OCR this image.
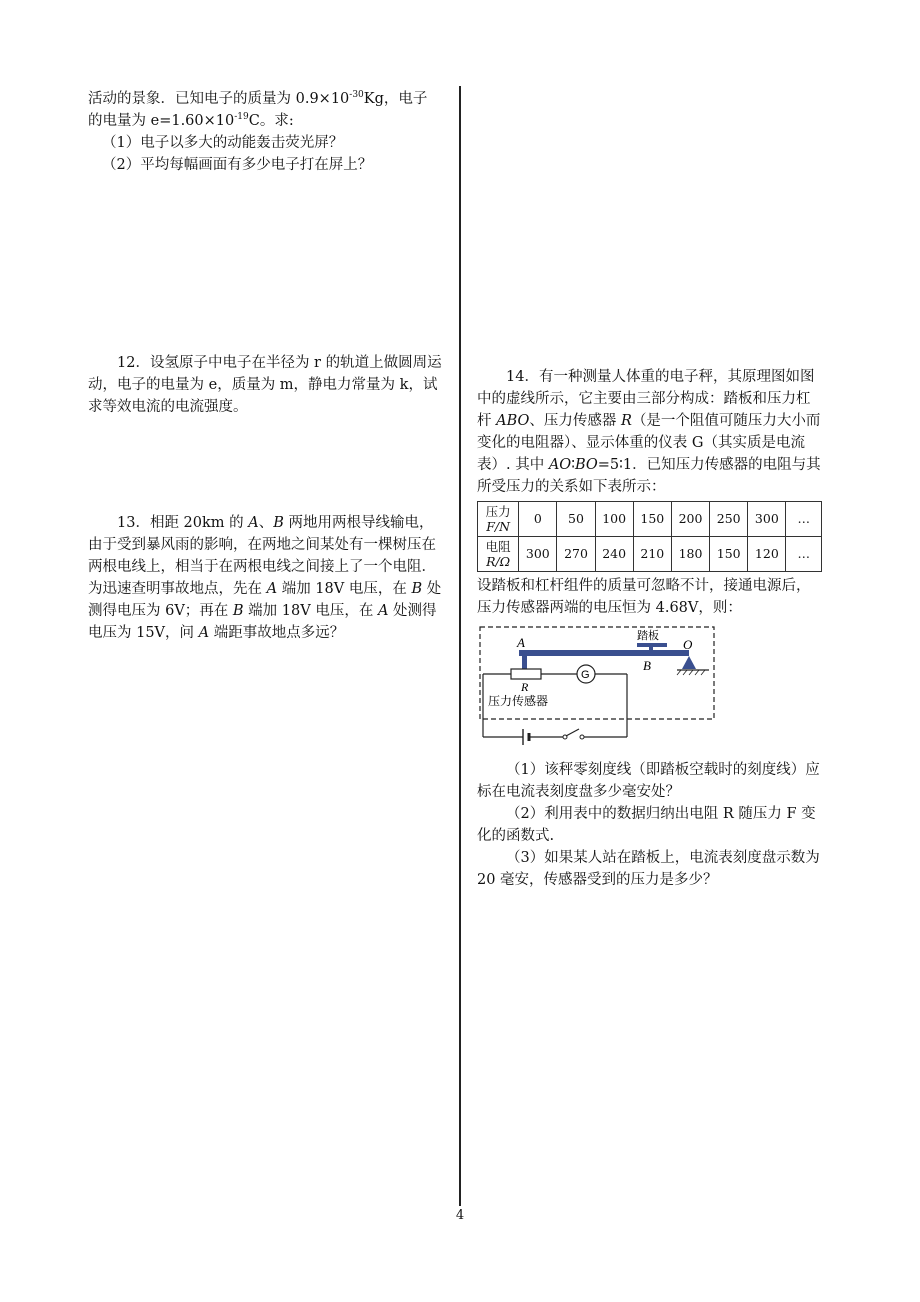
活动的景象．已知电子的质量为 $0.9\times 10^{-30}Kg$，电子
的电量为 $e=1.60\times 10^{-19}C$。求:

（1）电子以多大的动能轰击荧光屏？

（2）平均每幅画面有多少电子打在屏上？

12．设氢原子中电子在半径为 r 的轨道上做圆周运动，电子的电量为 e，质量为 m，静电力常量为 k，试求等效电流的电流强度。

13．相距 20km 的 A、B 两地用两根导线输电，由于受到暴风雨的影响，在两地之间某处有一棵树压在两根电线上，相当于在两根电线之间接上了一个电阻．为迅速查明事故地点，先在 A 端加 18V 电压，在 B 处测得电压为 6V；再在 B 端加 18V 电压，在 A 处测得电压为 15V，问 A 端距事故地点多远？

14．有一种测量人体重的电子秤，其原理图如图中的虚线所示，它主要由三部分构成：踏板和压力杠杆 ABO、压力传感器 R（是一个阻值可随压力大小而变化的电阻器）、显示体重的仪表 G（其实质是电流表）. 其中 AO∶BO=5∶1．已知压力传感器的电阻与其所受压力的关系如下表所示：

压力
F/N	0	50	100	150	200	250	300	…
电阻
R/Ω	300	270	240	210	180	150	120	…

设踏板和杠杆组件的质量可忽略不计，接通电源后，压力传感器两端的电压恒为 4.68V，则：

A	踏板
O
B
R
G
压力传感器

（1）该秤零刻度线（即踏板空载时的刻度线）应标在电流表刻度盘多少毫安处？

（2）利用表中的数据归纳出电阻 R 随压力 F 变化的函数式.

（3）如果某人站在踏板上，电流表刻度盘示数为 20 毫安，传感器受到的压力是多少？

4
